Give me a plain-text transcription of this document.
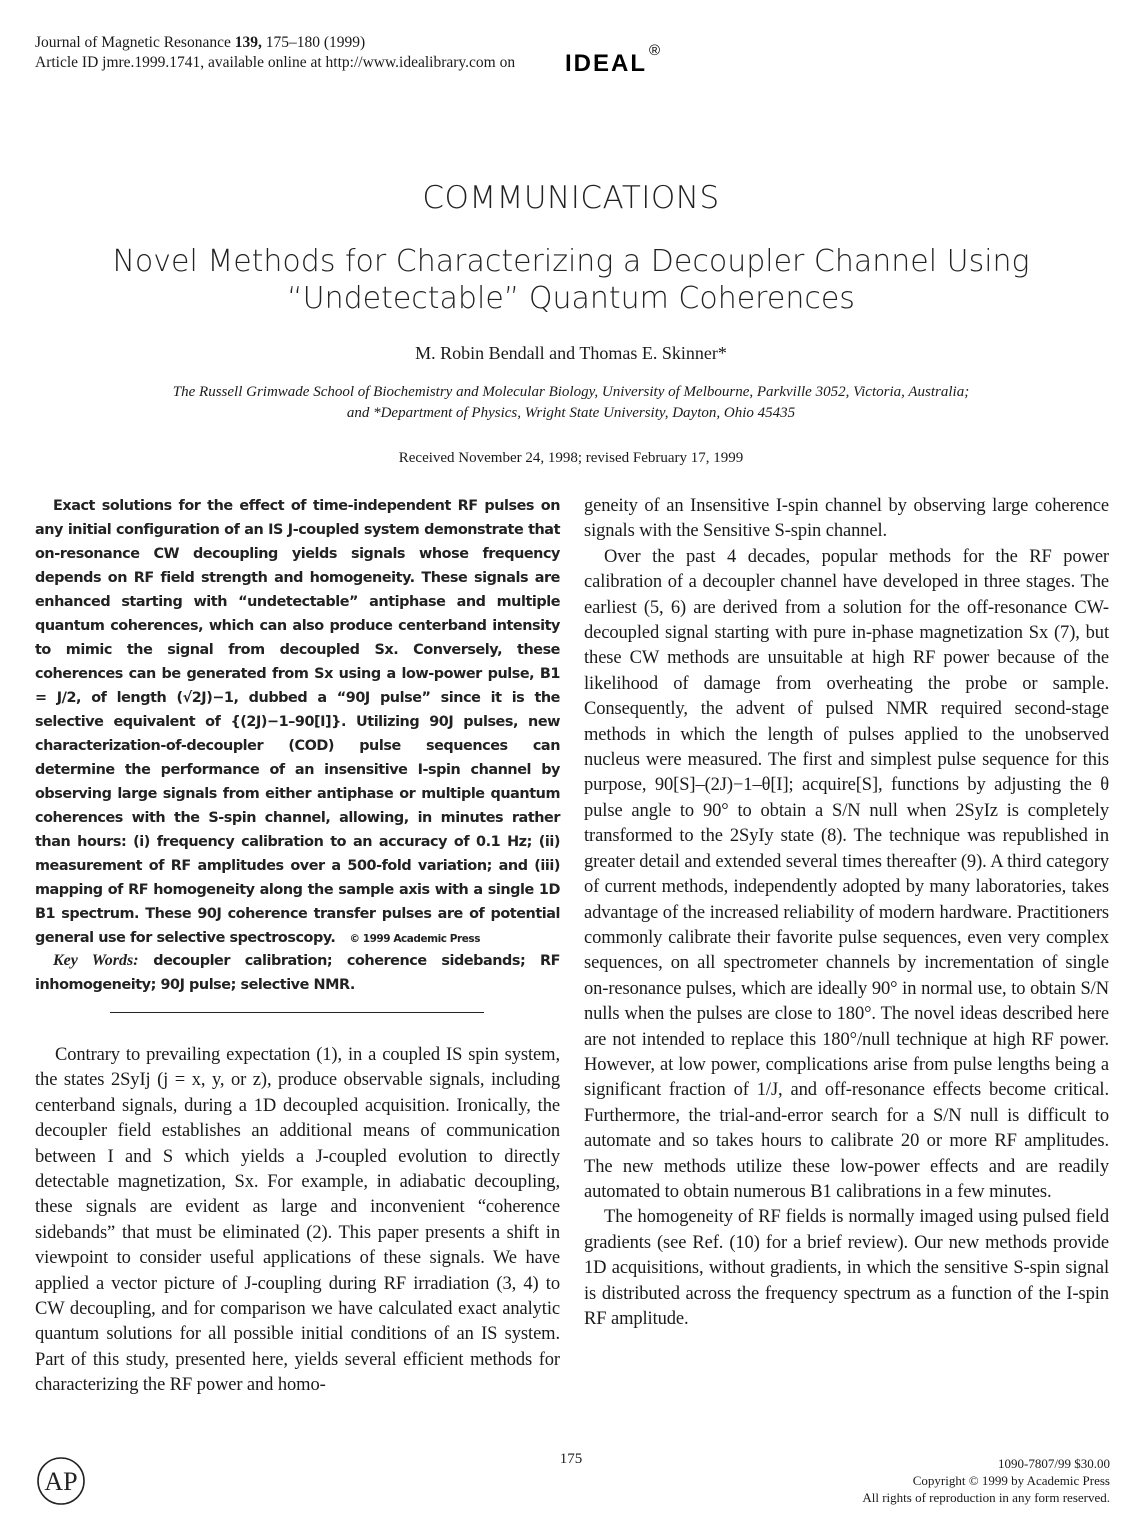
Journal of Magnetic Resonance 139, 175–180 (1999)
Article ID jmre.1999.1741, available online at http://www.idealibrary.com on IDEAL ®
COMMUNICATIONS
Novel Methods for Characterizing a Decoupler Channel Using
“Undetectable” Quantum Coherences
M. Robin Bendall and Thomas E. Skinner*
The Russell Grimwade School of Biochemistry and Molecular Biology, University of Melbourne, Parkville 3052, Victoria, Australia;
and *Department of Physics, Wright State University, Dayton, Ohio 45435
Received November 24, 1998; revised February 17, 1999
Exact solutions for the effect of time-independent RF pulses on any initial configuration of an IS J-coupled system demonstrate that on-resonance CW decoupling yields signals whose frequency depends on RF field strength and homogeneity. These signals are enhanced starting with “undetectable” antiphase and multiple quantum coherences, which can also produce centerband intensity to mimic the signal from decoupled Sx. Conversely, these coherences can be generated from Sx using a low-power pulse, B1 = J/2, of length (√2J)−1, dubbed a “90J pulse” since it is the selective equivalent of {(2J)−1–90[I]}. Utilizing 90J pulses, new characterization-of-decoupler (COD) pulse sequences can determine the performance of an insensitive I-spin channel by observing large signals from either antiphase or multiple quantum coherences with the S-spin channel, allowing, in minutes rather than hours: (i) frequency calibration to an accuracy of 0.1 Hz; (ii) measurement of RF amplitudes over a 500-fold variation; and (iii) mapping of RF homogeneity along the sample axis with a single 1D B1 spectrum. These 90J coherence transfer pulses are of potential general use for selective spectroscopy. © 1999 Academic Press
Key Words: decoupler calibration; coherence sidebands; RF inhomogeneity; 90J pulse; selective NMR.

Contrary to prevailing expectation (1), in a coupled IS spin system, the states 2SyIj (j = x, y, or z), produce observable signals, including centerband signals, during a 1D decoupled acquisition. Ironically, the decoupler field establishes an additional means of communication between I and S which yields a J-coupled evolution to directly detectable magnetization, Sx. For example, in adiabatic decoupling, these signals are evident as large and inconvenient “coherence sidebands” that must be eliminated (2). This paper presents a shift in viewpoint to consider useful applications of these signals. We have applied a vector picture of J-coupling during RF irradiation (3, 4) to CW decoupling, and for comparison we have calculated exact analytic quantum solutions for all possible initial conditions of an IS system. Part of this study, presented here, yields several efficient methods for characterizing the RF power and homo-

geneity of an Insensitive I-spin channel by observing large coherence signals with the Sensitive S-spin channel.

Over the past 4 decades, popular methods for the RF power calibration of a decoupler channel have developed in three stages. The earliest (5, 6) are derived from a solution for the off-resonance CW-decoupled signal starting with pure in-phase magnetization Sx (7), but these CW methods are unsuitable at high RF power because of the likelihood of damage from overheating the probe or sample. Consequently, the advent of pulsed NMR required second-stage methods in which the length of pulses applied to the unobserved nucleus were measured. The first and simplest pulse sequence for this purpose, 90[S]–(2J)−1–θ[I]; acquire[S], functions by adjusting the θ pulse angle to 90° to obtain a S/N null when 2SyIz is completely transformed to the 2SyIy state (8). The technique was republished in greater detail and extended several times thereafter (9). A third category of current methods, independently adopted by many laboratories, takes advantage of the increased reliability of modern hardware. Practitioners commonly calibrate their favorite pulse sequences, even very complex sequences, on all spectrometer channels by incrementation of single on-resonance pulses, which are ideally 90° in normal use, to obtain S/N nulls when the pulses are close to 180°. The novel ideas described here are not intended to replace this 180°/null technique at high RF power. However, at low power, complications arise from pulse lengths being a significant fraction of 1/J, and off-resonance effects become critical. Furthermore, the trial-and-error search for a S/N null is difficult to automate and so takes hours to calibrate 20 or more RF amplitudes. The new methods utilize these low-power effects and are readily automated to obtain numerous B1 calibrations in a few minutes.

The homogeneity of RF fields is normally imaged using pulsed field gradients (see Ref. (10) for a brief review). Our new methods provide 1D acquisitions, without gradients, in which the sensitive S-spin signal is distributed across the frequency spectrum as a function of the I-spin RF amplitude.

AP
175	1090-7807/99 $30.00
Copyright © 1999 by Academic Press
All rights of reproduction in any form reserved.
